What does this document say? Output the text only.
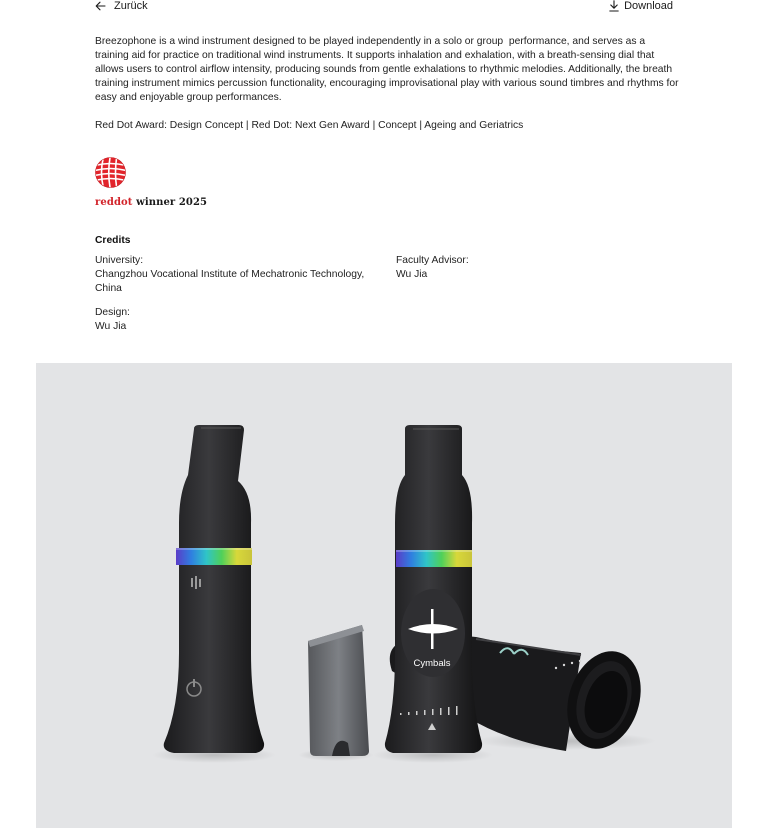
Zurück	Download

Breezophone is a wind instrument designed to be played independently in a solo or group  performance, and serves as a training aid for practice on traditional wind instruments. It supports inhalation and exhalation, with a breath-sensing dial that allows users to control airflow intensity, producing sounds from gentle exhalations to rhythmic melodies. Additionally, the breath training instrument mimics percussion functionality, encouraging improvisational play with various sound timbres and rhythms for easy and enjoyable group performances.

Red Dot Award: Design Concept | Red Dot: Next Gen Award | Concept | Ageing and Geriatrics

reddot winner 2025
Credits
University:
Changzhou Vocational Institute of Mechatronic Technology,
China
Faculty Advisor:
Wu Jia
Design:
Wu Jia
Cymbals
